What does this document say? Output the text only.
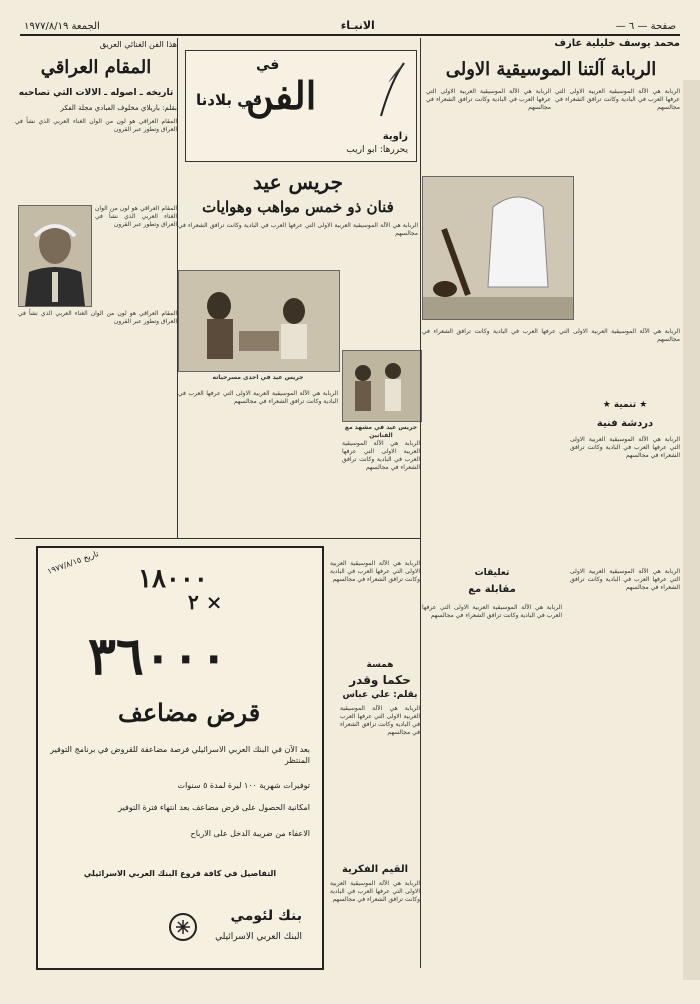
صفحة — ٦ —
الانبـاء
الجمعة ١٩٧٧/٨/١٩
محمد يوسف خليلية عازف
الربابة آلتنا الموسيقية الاولى
الربابة هي الآلة الموسيقية العربية الاولى التي عرفها العرب في البادية وكانت ترافق الشعراء في مجالسهم
الربابة هي الآلة الموسيقية العربية الاولى التي عرفها العرب في البادية وكانت ترافق الشعراء في مجالسهم
الربابة هي الآلة الموسيقية العربية الاولى التي عرفها العرب في البادية وكانت ترافق الشعراء في مجالسهم
★ تنمية ★
دردشة فنية
الربابة هي الآلة الموسيقية العربية الاولى التي عرفها العرب في البادية وكانت ترافق الشعراء في مجالسهم
تعليقات
مقابلة مع
الربابة هي الآلة الموسيقية العربية الاولى التي عرفها العرب في البادية وكانت ترافق الشعراء في مجالسهم
الربابة هي الآلة الموسيقية العربية الاولى التي عرفها العرب في البادية وكانت ترافق الشعراء في مجالسهم
في
الفن
في بلادنا
زاوية
يحررها: ابو اريب
جريس عيد
فنان ذو خمس مواهب وهوايات
الربابة هي الآلة الموسيقية العربية الاولى التي عرفها العرب في البادية وكانت ترافق الشعراء في مجالسهم
جريس عيد في احدى مسرحياته
جريس عيد في مشهد مع الفنانين
الربابة هي الآلة الموسيقية العربية الاولى التي عرفها العرب في البادية وكانت ترافق الشعراء في مجالسهم
الربابة هي الآلة الموسيقية العربية الاولى التي عرفها العرب في البادية وكانت ترافق الشعراء في مجالسهم
همسة
حكما وقدر
بقلم: علي عباس
الربابة هي الآلة الموسيقية العربية الاولى التي عرفها العرب في البادية وكانت ترافق الشعراء في مجالسهم
القيم الفكرية
الربابة هي الآلة الموسيقية العربية الاولى التي عرفها العرب في البادية وكانت ترافق الشعراء في مجالسهم
الربابة هي الآلة الموسيقية العربية الاولى التي عرفها العرب في البادية وكانت ترافق الشعراء في مجالسهم
هذا الفن الغنائي العريق
المقام العراقي
تاريخه ـ اصوله ـ الالات التي تصاحبه
بقلم: باريلاي مخلوف العبادي مجلة الفكر
المقام العراقي هو لون من الوان الغناء العربي الذي نشأ في العراق وتطور عبر القرون
المقام العراقي هو لون من الوان الغناء العربي الذي نشأ في العراق وتطور عبر القرون
المقام العراقي هو لون من الوان الغناء العربي الذي نشأ في العراق وتطور عبر القرون
تاريخ ١٩٧٧/٨/١٥
١٨٠٠٠
× ٢
٣٦٠٠٠
قرض مضاعف
بعد الآن في البنك العربي الاسرائيلي فرصة مضاعفة للقروض في برنامج التوفير المنتظر
توفيرات شهرية ١٠٠ ليرة لمدة ٥ سنوات
امكانية الحصول على قرض مضاعف بعد انتهاء فترة التوفير
الاعفاء من ضريبة الدخل على الارباح
التفاصيل في كافة فروع البنك العربي الاسرائيلي
بنك لئومي
البنك العربي الاسرائيلي
